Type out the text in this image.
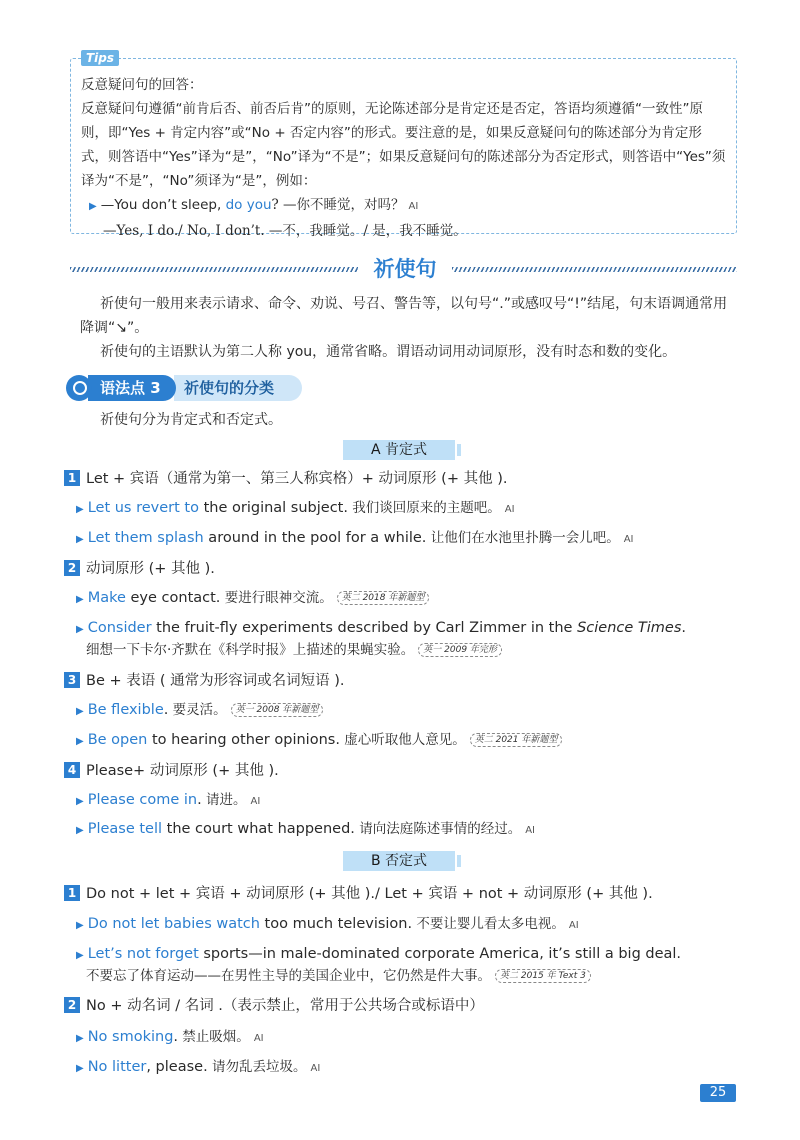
Tips

反意疑问句的回答：

反意疑问句遵循“前肯后否、前否后肯”的原则，无论陈述部分是肯定还是否定，答语均须遵循“一致性”原则，即“Yes + 肯定内容”或“No + 否定内容”的形式。要注意的是，如果反意疑问句的陈述部分为肯定形式，则答语中“Yes”译为“是”，“No”译为“不是”；如果反意疑问句的陈述部分为否定形式，则答语中“Yes”须译为“不是”，“No”须译为“是”，例如：

▶ —You don’t sleep, do you? —你不睡觉，对吗？ AI

—Yes, I do./ No, I don’t. —不，我睡觉。/ 是，我不睡觉。

祈使句

祈使句一般用来表示请求、命令、劝说、号召、警告等，以句号“.”或感叹号“!”结尾，句末语调通常用降调“↘”。

祈使句的主语默认为第二人称 you，通常省略。谓语动词用动词原形，没有时态和数的变化。

祈使句的分类
语法点 3

祈使句分为肯定式和否定式。

A 肯定式
1 Let + 宾语（通常为第一、第三人称宾格）+ 动词原形 (+ 其他 ).
▶ Let us revert to the original subject. 我们谈回原来的主题吧。 AI
▶ Let them splash around in the pool for a while. 让他们在水池里扑腾一会儿吧。 AI
2 动词原形 (+ 其他 ).
▶ Make eye contact. 要进行眼神交流。 英二 2018 年新题型
▶ Consider the fruit-fly experiments described by Carl Zimmer in the Science Times.
细想一下卡尔·齐默在《科学时报》上描述的果蝇实验。 英一 2009 年完形
3 Be + 表语 ( 通常为形容词或名词短语 ).
▶ Be flexible. 要灵活。 英一 2008 年新题型
▶ Be open to hearing other opinions. 虚心听取他人意见。 英二 2021 年新题型
4 Please+ 动词原形 (+ 其他 ).
▶ Please come in. 请进。 AI
▶ Please tell the court what happened. 请向法庭陈述事情的经过。 AI
B 否定式
1 Do not + let + 宾语 + 动词原形 (+ 其他 )./ Let + 宾语 + not + 动词原形 (+ 其他 ).
▶ Do not let babies watch too much television. 不要让婴儿看太多电视。 AI
▶ Let’s not forget sports—in male-dominated corporate America, it’s still a big deal.
不要忘了体育运动——在男性主导的美国企业中，它仍然是件大事。 英二 2015 年 Text 3
2 No + 动名词 / 名词 .（表示禁止，常用于公共场合或标语中）
▶ No smoking. 禁止吸烟。 AI
▶ No litter, please. 请勿乱丢垃圾。 AI
25
